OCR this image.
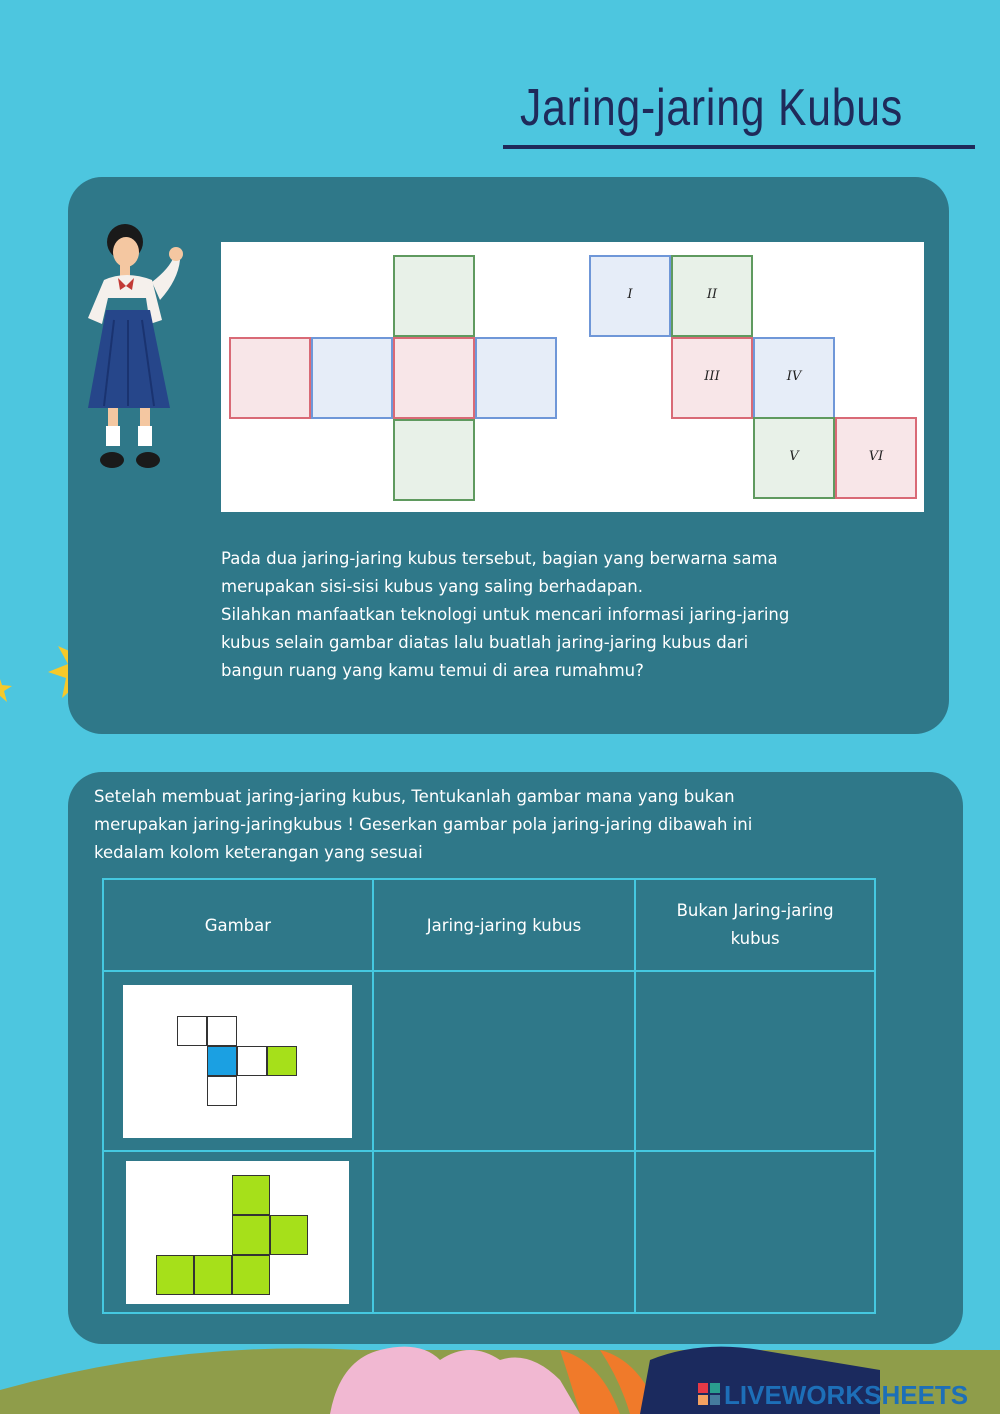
Jaring-jaring Kubus
I	II
III	IV
V	VI
Pada dua jaring-jaring kubus tersebut, bagian yang berwarna sama
merupakan sisi-sisi kubus yang saling berhadapan.
Silahkan manfaatkan teknologi untuk mencari informasi jaring-jaring
kubus selain gambar diatas lalu buatlah jaring-jaring kubus dari
bangun ruang yang kamu temui di area rumahmu?
Setelah membuat jaring-jaring kubus, Tentukanlah gambar mana yang bukan
merupakan jaring-jaringkubus ! Geserkan gambar pola jaring-jaring dibawah ini
kedalam kolom keterangan yang sesuai
Gambar	Jaring-jaring kubus	Bukan Jaring-jaring kubus

LIVEWORKSHEETS
